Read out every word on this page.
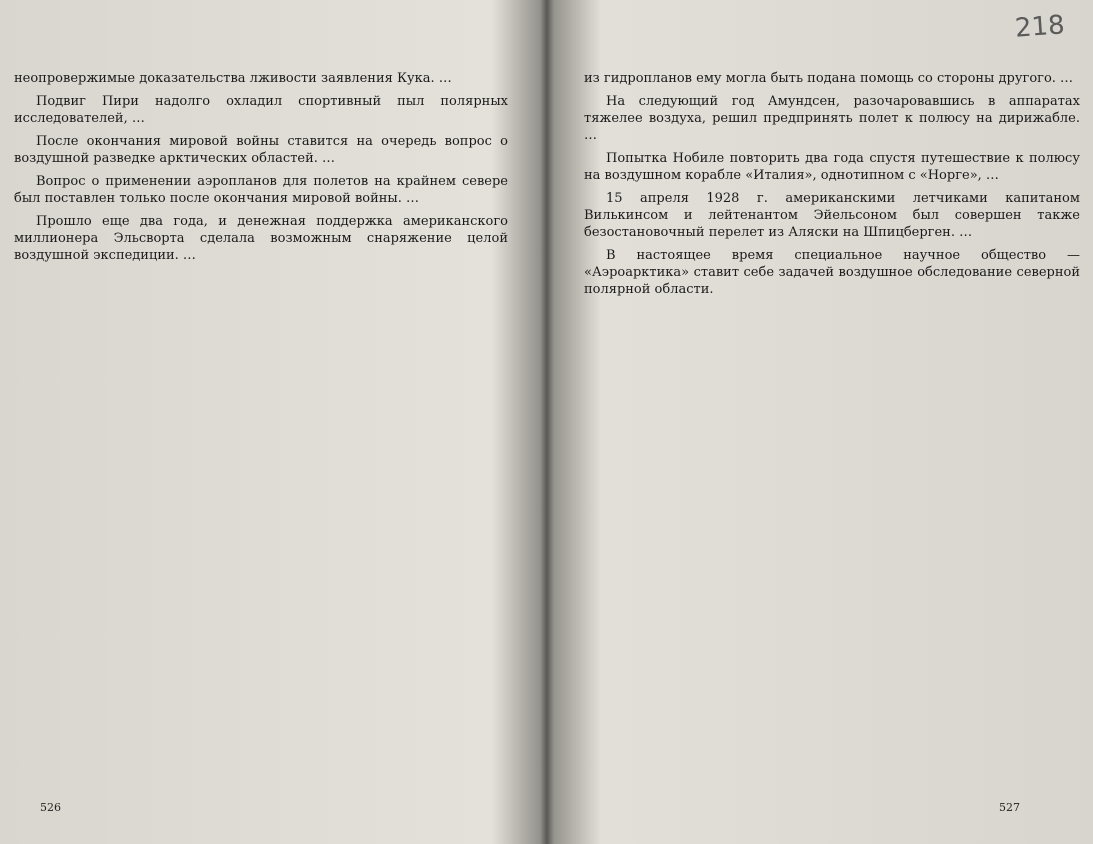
218

неопровержимые доказательства лживости заявления Кука. …

Подвиг Пири надолго охладил спортивный пыл полярных исследователей, …

После окончания мировой войны ставится на очередь вопрос о воздушной разведке арктических областей. …

Вопрос о применении аэропланов для полетов на крайнем севере был поставлен только после окончания мировой войны. …

Прошло еще два года, и денежная поддержка американского миллионера Эльсворта сделала возможным снаряжение целой воздушной экспедиции. …

526

из гидропланов ему могла быть подана помощь со стороны другого. …

На следующий год Амундсен, разочаровавшись в аппаратах тяжелее воздуха, решил предпринять полет к полюсу на дирижабле. …

Попытка Нобиле повторить два года спустя путешествие к полюсу на воздушном корабле «Италия», однотипном с «Норге», …

15 апреля 1928 г. американскими летчиками капитаном Вилькинсом и лейтенантом Эйельсоном был совершен также безостановочный перелет из Аляски на Шпицберген. …

В настоящее время специальное научное общество — «Аэроарктика» ставит себе задачей воздушное обследование северной полярной области.

527
